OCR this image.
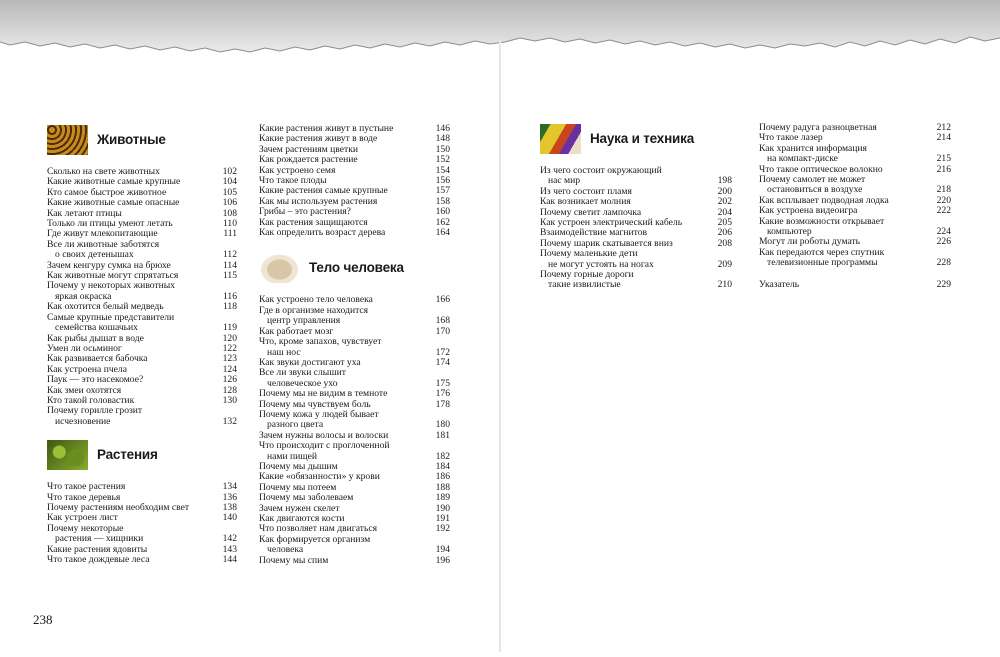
Животные
Сколько на свете животных	102
Какие животные самые крупные	104
Кто самое быстрое животное	105
Какие животные самые опасные	106
Как летают птицы	108
Только ли птицы умеют летать	110
Где живут млекопитающие	111
Все ли животные заботятся
о своих детенышах	112
Зачем кенгуру сумка на брюхе	114
Как животные могут спрятаться	115
Почему у некоторых животных
яркая окраска	116
Как охотится белый медведь	118
Самые крупные представители
семейства кошачьих	119
Как рыбы дышат в воде	120
Умен ли осьминог	122
Как развивается бабочка	123
Как устроена пчела	124
Паук — это насекомое?	126
Как змеи охотятся	128
Кто такой головастик	130
Почему горилле грозит
исчезновение	132
Растения
Что такое растения	134
Что такое деревья	136
Почему растениям необходим свет	138
Как устроен лист	140
Почему некоторые
растения — хищники	142
Какие растения ядовиты	143
Что такое дождевые леса	144
Какие растения живут в пустыне	146
Какие растения живут в воде	148
Зачем растениям цветки	150
Как рождается растение	152
Как устроено семя	154
Что такое плоды	156
Какие растения самые крупные	157
Как мы используем растения	158
Грибы – это растения?	160
Как растения защищаются	162
Как определить возраст дерева	164
Тело человека
Как устроено тело человека	166
Где в организме находится
центр управления	168
Как работает мозг	170
Что, кроме запахов, чувствует
наш нос	172
Как звуки достигают уха	174
Все ли звуки слышит
человеческое ухо	175
Почему мы не видим в темноте	176
Почему мы чувствуем боль	178
Почему кожа у людей бывает
разного цвета	180
Зачем нужны волосы и волоски	181
Что происходит с проглоченной
нами пищей	182
Почему мы дышим	184
Какие «обязанности» у крови	186
Почему мы потеем	188
Почему мы заболеваем	189
Зачем нужен скелет	190
Как двигаются кости	191
Что позволяет нам двигаться	192
Как формируется организм
человека	194
Почему мы спим	196
Наука и техника
Из чего состоит окружающий
нас мир	198
Из чего состоит пламя	200
Как возникает молния	202
Почему светит лампочка	204
Как устроен электрический кабель	205
Взаимодействие магнитов	206
Почему шарик скатывается вниз	208
Почему маленькие дети
не могут устоять на ногах	209
Почему горные дороги
такие извилистые	210
Почему радуга разноцветная	212
Что такое лазер	214
Как хранится информация
на компакт-диске	215
Что такое оптическое волокно	216
Почему самолет не может
остановиться в воздухе	218
Как всплывает подводная лодка	220
Как устроена видеоигра	222
Какие возможности открывает
компьютер	224
Могут ли роботы думать	226
Как передаются через спутник
телевизионные программы	228
Указатель	229
238
